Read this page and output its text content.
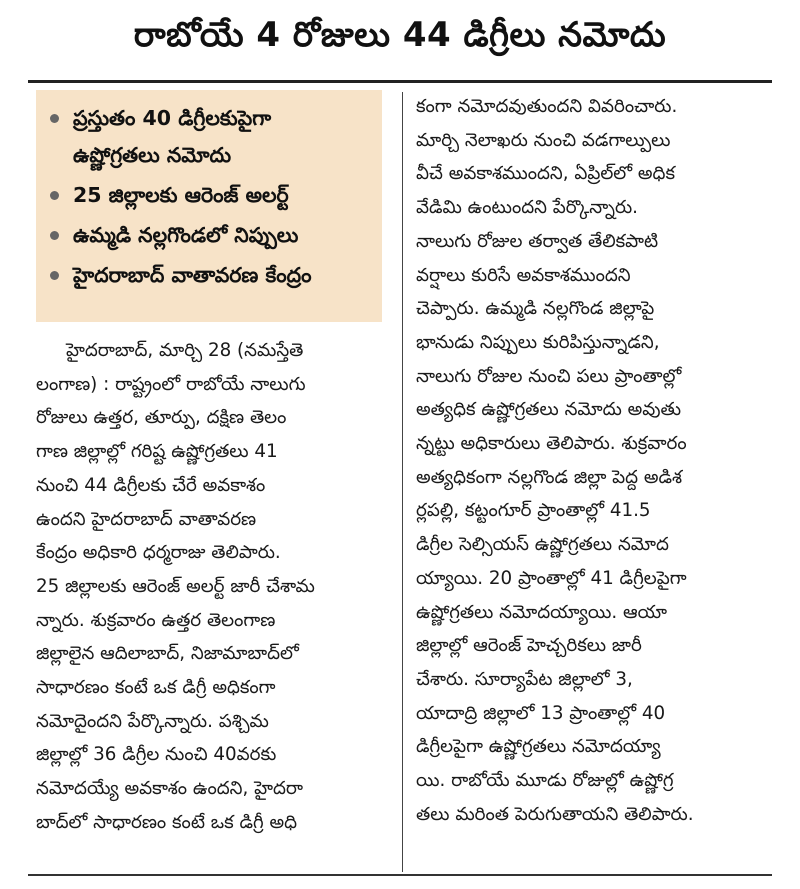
రాబోయే 4 రోజులు 44 డిగ్రీలు నమోదు
ప్రస్తుతం 40 డిగ్రీలకుపైగా
ఉష్ణోగ్రతలు నమోదు
25 జిల్లాలకు ఆరెంజ్ అలర్ట్
ఉమ్మడి నల్లగొండలో నిప్పులు
హైదరాబాద్ వాతావరణ కేంద్రం
హైదరాబాద్, మార్చి 28 (నమస్తేతె
లంగాణ) : రాష్ట్రంలో రాబోయే నాలుగు
రోజులు ఉత్తర, తూర్పు, దక్షిణ తెలం
గాణ జిల్లాల్లో గరిష్ట ఉష్ణోగ్రతలు 41
నుంచి 44 డిగ్రీలకు చేరే అవకాశం
ఉందని హైదరాబాద్ వాతావరణ
కేంద్రం అధికారి ధర్మరాజు తెలిపారు.
25 జిల్లాలకు ఆరెంజ్ అలర్ట్ జారీ చేశామ
న్నారు. శుక్రవారం ఉత్తర తెలంగాణ
జిల్లాలైన ఆదిలాబాద్, నిజామాబాద్‌లో
సాధారణం కంటే ఒక డిగ్రీ అధికంగా
నమోదైందని పేర్కొన్నారు. పశ్చిమ
జిల్లాల్లో 36 డిగ్రీల నుంచి 40వరకు
నమోదయ్యే అవకాశం ఉందని, హైదరా
బాద్‌లో సాధారణం కంటే ఒక డిగ్రీ అధి
కంగా నమోదవుతుందని వివరించారు.
మార్చి నెలాఖరు నుంచి వడగాల్పులు
వీచే అవకాశముందని, ఏప్రిల్‌లో అధిక
వేడిమి ఉంటుందని పేర్కొన్నారు.
నాలుగు రోజుల తర్వాత తేలికపాటి
వర్షాలు కురిసే అవకాశముందని
చెప్పారు. ఉమ్మడి నల్లగొండ జిల్లాపై
భానుడు నిప్పులు కురిపిస్తున్నాడని,
నాలుగు రోజుల నుంచి పలు ప్రాంతాల్లో
అత్యధిక ఉష్ణోగ్రతలు నమోదు అవుతు
న్నట్టు అధికారులు తెలిపారు. శుక్రవారం
అత్యధికంగా నల్లగొండ జిల్లా పెద్ద అడిశ
ర్లపల్లి, కట్టంగూర్ ప్రాంతాల్లో 41.5
డిగ్రీల సెల్సియస్ ఉష్ణోగ్రతలు నమోద
య్యాయి. 20 ప్రాంతాల్లో 41 డిగ్రీలపైగా
ఉష్ణోగ్రతలు నమోదయ్యాయి. ఆయా
జిల్లాల్లో ఆరెంజ్ హెచ్చరికలు జారీ
చేశారు. సూర్యాపేట జిల్లాలో 3,
యాదాద్రి జిల్లాలో 13 ప్రాంతాల్లో 40
డిగ్రీలపైగా ఉష్ణోగ్రతలు నమోదయ్యా
యి. రాబోయే మూడు రోజుల్లో ఉష్ణోగ్ర
తలు మరింత పెరుగుతాయని తెలిపారు.
